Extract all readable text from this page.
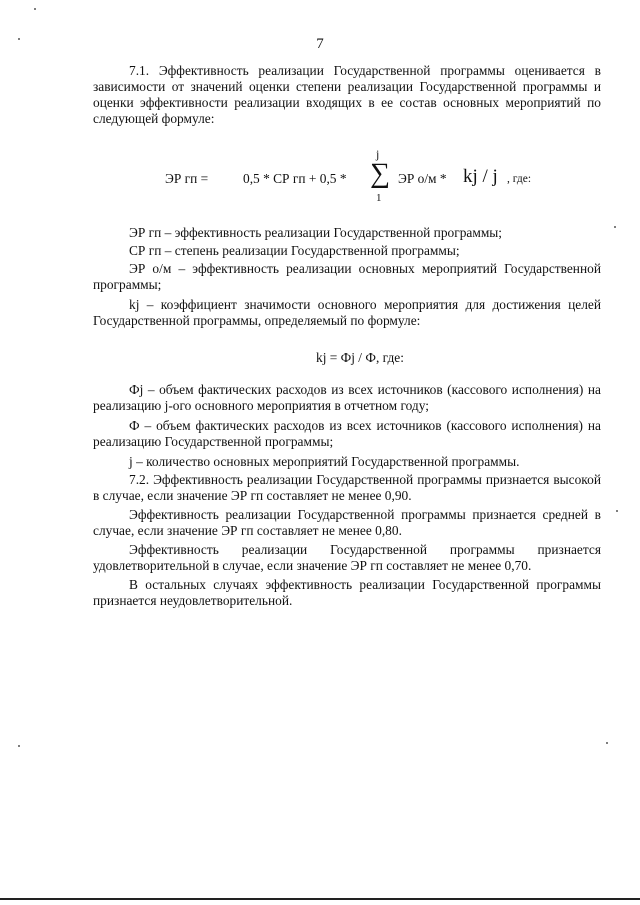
7
7.1. Эффективность реализации Государственной программы оценивается в зависимости от значений оценки степени реализации Государственной программы и оценки эффективности реализации входящих в ее состав основных мероприятий по следующей формуле:
ЭР гп =	0,5 * СР гп + 0,5 *
j
∑
1
ЭР о/м * kj / j , где:
ЭР гп – эффективность реализации Государственной программы;
СР гп – степень реализации Государственной программы;
ЭР о/м – эффективность реализации основных мероприятий Государственной программы;
kj – коэффициент значимости основного мероприятия для достижения целей Государственной программы, определяемый по формуле:
kj = Фj / Ф, где:
Фj – объем фактических расходов из всех источников (кассового исполнения) на реализацию j-ого основного мероприятия в отчетном году;
Ф – объем фактических расходов из всех источников (кассового исполнения) на реализацию Государственной программы;
j – количество основных мероприятий Государственной программы.
7.2. Эффективность реализации Государственной программы признается высокой в случае, если значение ЭР гп составляет не менее 0,90.
Эффективность реализации Государственной программы признается средней в случае, если значение ЭР гп составляет не менее 0,80.
Эффективность реализации Государственной программы признается удовлетворительной в случае, если значение ЭР гп составляет не менее 0,70.
В остальных случаях эффективность реализации Государственной программы признается неудовлетворительной.
